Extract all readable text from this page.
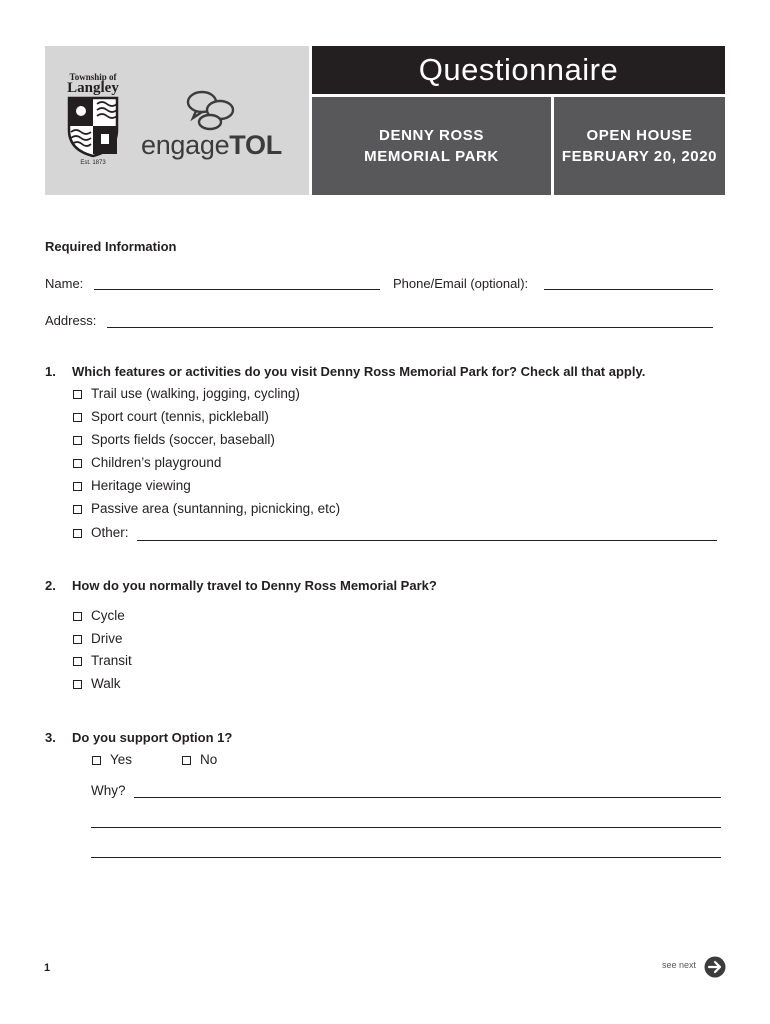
Township of
Langley
Est. 1873
engageTOL
Questionnaire
DENNY ROSS
MEMORIAL PARK
OPEN HOUSE
FEBRUARY 20, 2020
Required Information
Name:	Phone/Email (optional):
Address:
1. Which features or activities do you visit Denny Ross Memorial Park for? Check all that apply.
Trail use (walking, jogging, cycling)
Sport court (tennis, pickleball)
Sports fields (soccer, baseball)
Children’s playground
Heritage viewing
Passive area (suntanning, picnicking, etc)
Other:
2. How do you normally travel to Denny Ross Memorial Park?
Cycle
Drive
Transit
Walk
3. Do you support Option 1?
Yes	No
Why?
1	see next
